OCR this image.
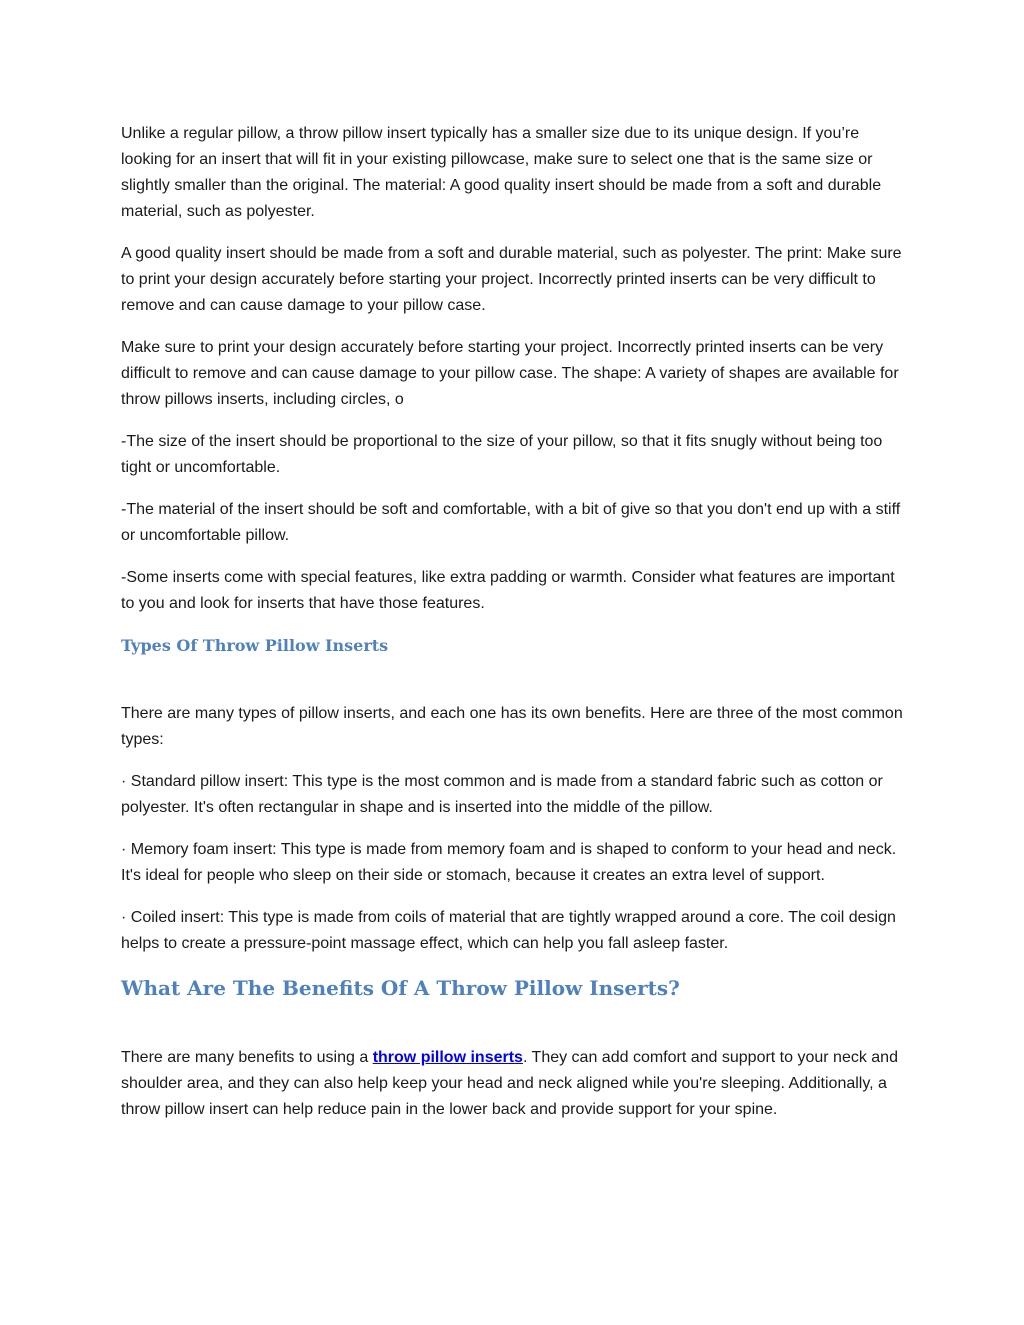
Unlike a regular pillow, a throw pillow insert typically has a smaller size due to its unique design. If you’re looking for an insert that will fit in your existing pillowcase, make sure to select one that is the same size or slightly smaller than the original. The material: A good quality insert should be made from a soft and durable material, such as polyester.

A good quality insert should be made from a soft and durable material, such as polyester. The print: Make sure to print your design accurately before starting your project. Incorrectly printed inserts can be very difficult to remove and can cause damage to your pillow case.

Make sure to print your design accurately before starting your project. Incorrectly printed inserts can be very difficult to remove and can cause damage to your pillow case. The shape: A variety of shapes are available for throw pillows inserts, including circles, o

-The size of the insert should be proportional to the size of your pillow, so that it fits snugly without being too tight or uncomfortable.

-The material of the insert should be soft and comfortable, with a bit of give so that you don't end up with a stiff or uncomfortable pillow.

-Some inserts come with special features, like extra padding or warmth. Consider what features are important to you and look for inserts that have those features.

Types Of Throw Pillow Inserts

There are many types of pillow inserts, and each one has its own benefits. Here are three of the most common types:

· Standard pillow insert: This type is the most common and is made from a standard fabric such as cotton or polyester. It's often rectangular in shape and is inserted into the middle of the pillow.

· Memory foam insert: This type is made from memory foam and is shaped to conform to your head and neck. It's ideal for people who sleep on their side or stomach, because it creates an extra level of support.

· Coiled insert: This type is made from coils of material that are tightly wrapped around a core. The coil design helps to create a pressure-point massage effect, which can help you fall asleep faster.

What Are The Benefits Of A Throw Pillow Inserts?

There are many benefits to using a throw pillow inserts. They can add comfort and support to your neck and shoulder area, and they can also help keep your head and neck aligned while you're sleeping. Additionally, a throw pillow insert can help reduce pain in the lower back and provide support for your spine.
